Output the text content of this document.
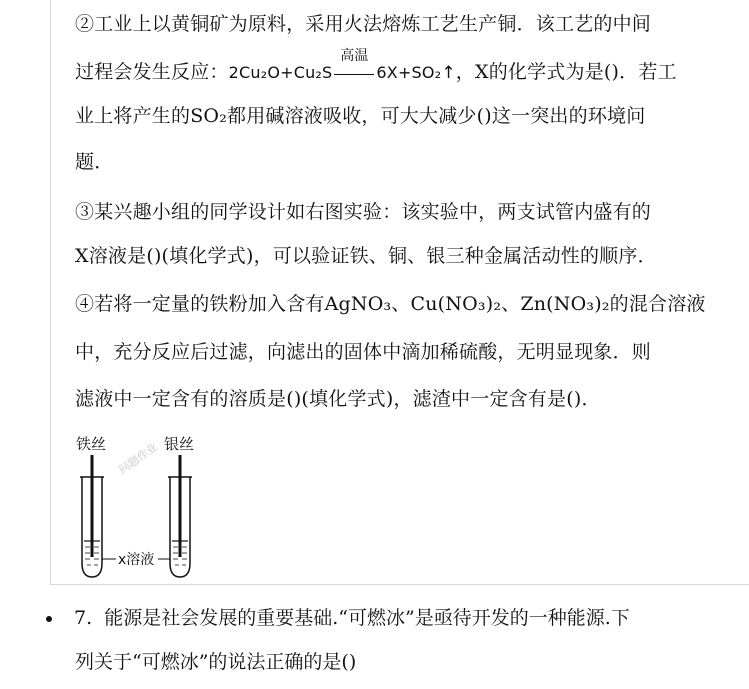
②工业上以黄铜矿为原料，采用火法熔炼工艺生产铜．该工艺的中间
过程会发生反应：2Cu₂O+Cu₂S
高温
6X+SO₂↑，X的化学式为是()．若工
业上将产生的SO₂都用碱溶液吸收，可大大减少()这一突出的环境问
题．
③某兴趣小组的同学设计如右图实验：该实验中，两支试管内盛有的
X溶液是()(填化学式)，可以验证铁、铜、银三种金属活动性的顺序．
④若将一定量的铁粉加入含有AgNO₃、Cu(NO₃)₂、Zn(NO₃)₂的混合溶液
中，充分反应后过滤，向滤出的固体中滴加稀硫酸，无明显现象．则
滤液中一定含有的溶质是()(填化学式)，滤渣中一定含有是()．
铁丝	银丝
问题作业
x溶液
7. 能源是社会发展的重要基础.“可燃冰”是亟待开发的一种能源.下
列关于“可燃冰”的说法正确的是()
